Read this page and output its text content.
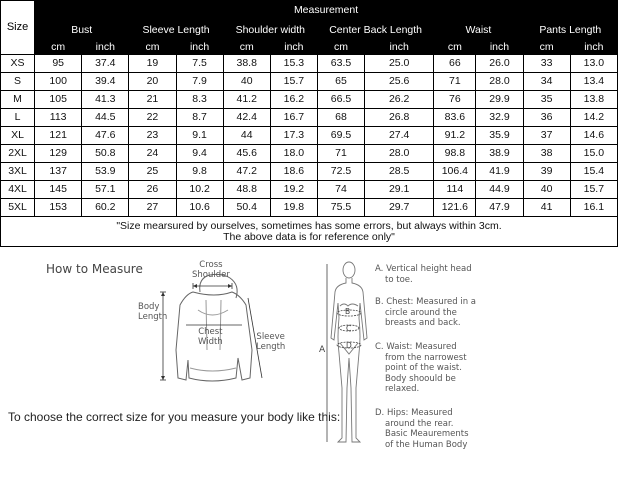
Size	Measurement											
	Bust		Sleeve Length		Shoulder width		Center Back Length		Waist		Pants Length	
	cm	inch	cm	inch	cm	inch	cm	inch	cm	inch	cm	inch
XS	95	37.4	19	7.5	38.8	15.3	63.5	25.0	66	26.0	33	13.0
S	100	39.4	20	7.9	40	15.7	65	25.6	71	28.0	34	13.4
M	105	41.3	21	8.3	41.2	16.2	66.5	26.2	76	29.9	35	13.8
L	113	44.5	22	8.7	42.4	16.7	68	26.8	83.6	32.9	36	14.2
XL	121	47.6	23	9.1	44	17.3	69.5	27.4	91.2	35.9	37	14.6
2XL	129	50.8	24	9.4	45.6	18.0	71	28.0	98.8	38.9	38	15.0
3XL	137	53.9	25	9.8	47.2	18.6	72.5	28.5	106.4	41.9	39	15.4
4XL	145	57.1	26	10.2	48.8	19.2	74	29.1	114	44.9	40	15.7
5XL	153	60.2	27	10.6	50.4	19.8	75.5	29.7	121.6	47.9	41	16.1
"Size mearsured by ourselves, sometimes has some errors, but always within 3cm.
The above data is for reference only"												
How to Measure	Cross
Shoulder
Body
Length
Chest
Width	Sleeve
Length
To choose the correct size for you measure your body like this:
A
B
C
D
A. Vertical height head
to toe.
B. Chest: Measured in a
circle around the
breasts and back.
C. Waist: Measured
from the narrowest
point of the waist.
Body shoould be
relaxed.
D. Hips: Measured
around the rear.
Basic Meaurements
of the Human Body
